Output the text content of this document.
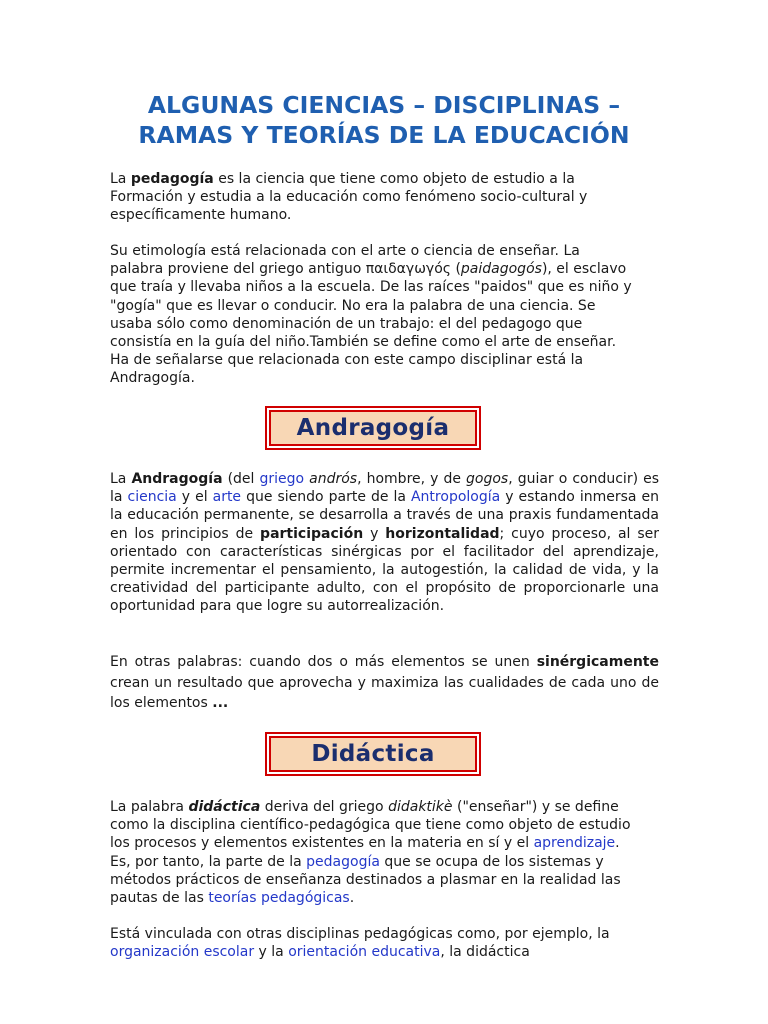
ALGUNAS CIENCIAS – DISCIPLINAS –
RAMAS Y TEORÍAS DE LA EDUCACIÓN

La pedagogía es la ciencia que tiene como objeto de estudio a la Formación y estudia a la educación como fenómeno socio-cultural y específicamente humano.

Su etimología está relacionada con el arte o ciencia de enseñar. La palabra proviene del griego antiguo παιδαγωγός (paidagogós), el esclavo que traía y llevaba niños a la escuela. De las raíces "paidos" que es niño y "gogía" que es llevar o conducir. No era la palabra de una ciencia. Se usaba sólo como denominación de un trabajo: el del pedagogo que consistía en la guía del niño.También se define como el arte de enseñar. Ha de señalarse que relacionada con este campo disciplinar está la Andragogía.

Andragogía

La Andragogía (del griego andrós, hombre, y de gogos, guiar o conducir) es la ciencia y el arte que siendo parte de la Antropología y estando inmersa en la educación permanente, se desarrolla a través de una praxis fundamentada en los principios de participación y horizontalidad; cuyo proceso, al ser orientado con características sinérgicas por el facilitador del aprendizaje, permite incrementar el pensamiento, la autogestión, la calidad de vida, y la creatividad del participante adulto, con el propósito de proporcionarle una oportunidad para que logre su autorrealización.

En otras palabras: cuando dos o más elementos se unen sinérgicamente crean un resultado que aprovecha y maximiza las cualidades de cada uno de los elementos ...

Didáctica

La palabra didáctica deriva del griego didaktikè ("enseñar") y se define como la disciplina científico-pedagógica que tiene como objeto de estudio los procesos y elementos existentes en la materia en sí y el aprendizaje. Es, por tanto, la parte de la pedagogía que se ocupa de los sistemas y métodos prácticos de enseñanza destinados a plasmar en la realidad las pautas de las teorías pedagógicas.

Está vinculada con otras disciplinas pedagógicas como, por ejemplo, la organización escolar y la orientación educativa, la didáctica
